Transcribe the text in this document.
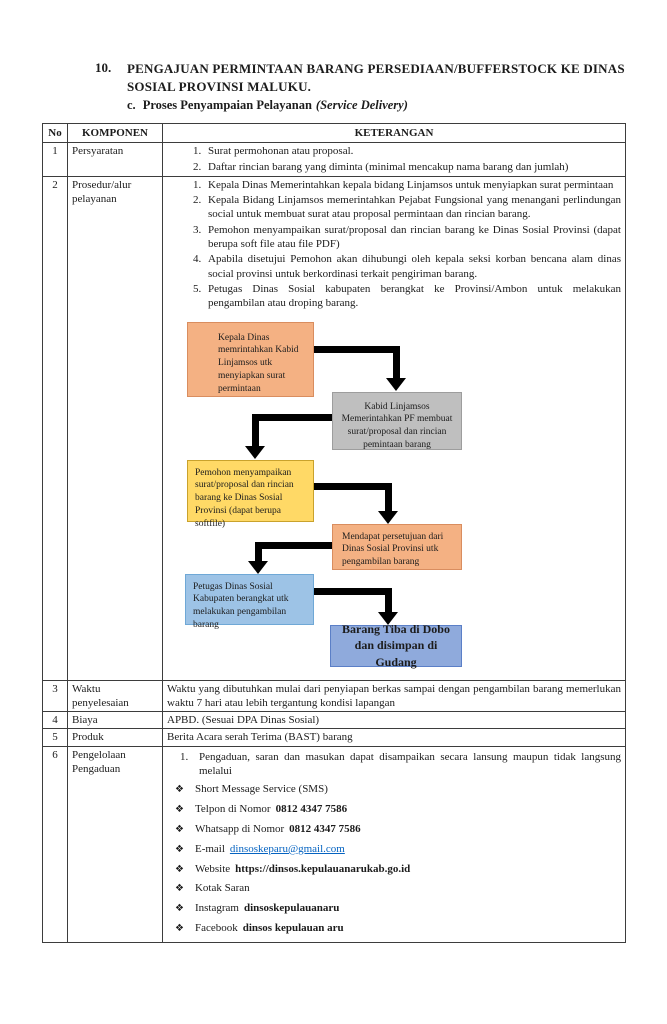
10.	PENGAJUAN PERMINTAAN BARANG PERSEDIAAN/BUFFERSTOCK KE DINAS SOSIAL PROVINSI MALUKU.
c. Proses Penyampaian Pelayanan (Service Delivery)
No	KOMPONEN	KETERANGAN
1	Persyaratan	
1.Surat permohonan atau proposal.
2. Daftar rincian barang yang diminta (minimal mencakup nama barang dan jumlah)

2	Prosedur/alur pelayanan	
1. Kepala Dinas Memerintahkan kepala bidang Linjamsos untuk menyiapkan surat permintaan
2. Kepala Bidang Linjamsos memerintahkan Pejabat Fungsional yang menangani perlindungan social untuk membuat surat atau proposal permintaan dan rincian barang.
3. Pemohon menyampaikan surat/proposal dan rincian barang ke Dinas Sosial Provinsi (dapat berupa soft file atau file PDF)
4. Apabila disetujui Pemohon akan dihubungi oleh kepala seksi korban bencana alam dinas social provinsi untuk berkordinasi terkait pengiriman barang.
5. Petugas Dinas Sosial kabupaten berangkat ke Provinsi/Ambon untuk melakukan pengambilan atau droping barang.
Kepala Dinas memrintahkan Kabid Linjamsos utk menyiapkan surat permintaan
Kabid Linjamsos Memerintahkan PF membuat surat/proposal dan rincian pemintaan barang
Pemohon menyampaikan surat/proposal dan rincian barang ke Dinas Sosial Provinsi (dapat berupa softfile)
Mendapat persetujuan dari Dinas Sosial Provinsi utk pengambilan barang
Petugas Dinas Sosial Kabupaten berangkat utk melakukan pengambilan barang	Barang Tiba di Dobo dan disimpan di Gudang

3	Waktu penyelesaian	Waktu yang dibutuhkan mulai dari penyiapan berkas sampai dengan pengambilan barang memerlukan waktu 7 hari atau lebih tergantung kondisi lapangan
4	Biaya	APBD. (Sesuai DPA Dinas Sosial)
5	Produk	Berita Acara serah Terima (BAST) barang
6	Pengelolaan Pengaduan	
1. Pengaduan, saran dan masukan dapat disampaikan secara lansung maupun tidak langsung melalui
❖ Short Message Service (SMS)
❖ Telpon di Nomor 0812 4347 7586
❖ Whatsapp di Nomor 0812 4347 7586
❖ E-mail dinsoskeparu@gmail.com
❖ Website https://dinsos.kepulauanarukab.go.id
❖ Kotak Saran
❖ Instagram dinsoskepulauanaru
❖ Facebook dinsos kepulauan aru
